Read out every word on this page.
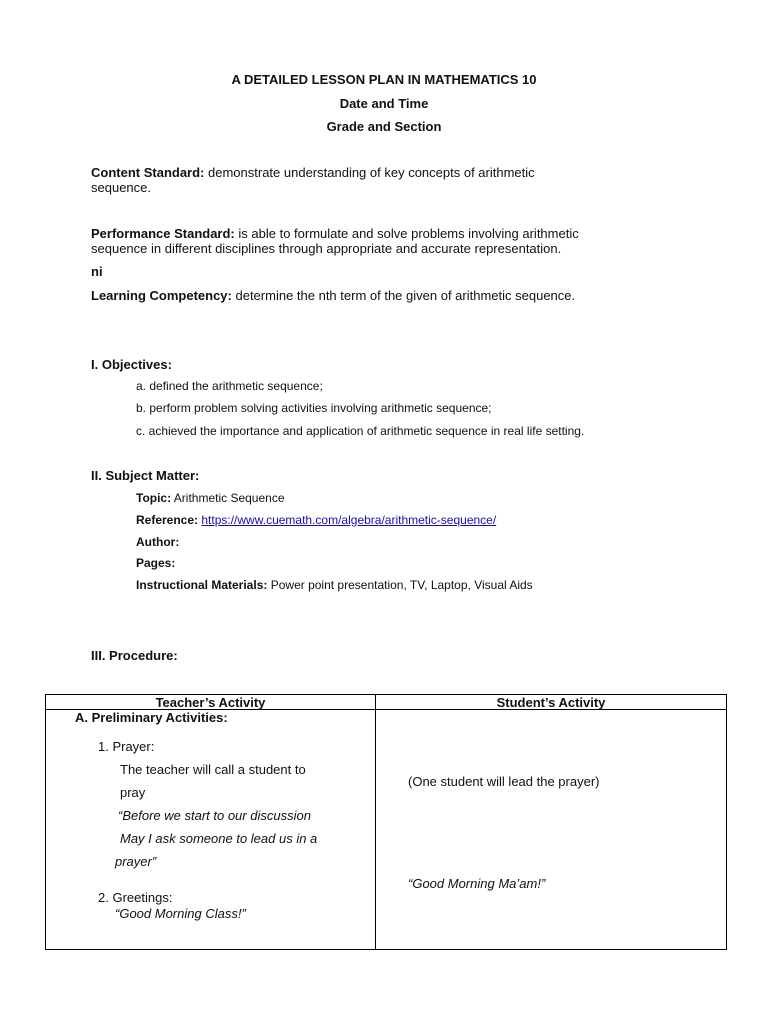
A DETAILED LESSON PLAN IN MATHEMATICS 10
Date and Time
Grade and Section
Content Standard: demonstrate understanding of key concepts of arithmetic
sequence.
Performance Standard: is able to formulate and solve problems involving arithmetic
sequence in different disciplines through appropriate and accurate representation.
ni
Learning Competency: determine the nth term of the given of arithmetic sequence.
I. Objectives:
a. defined the arithmetic sequence;
b. perform problem solving activities involving arithmetic sequence;
c. achieved the importance and application of arithmetic sequence in real life setting.
II. Subject Matter:
Topic: Arithmetic Sequence
Reference: https://www.cuemath.com/algebra/arithmetic-sequence/
Author:
Pages:
Instructional Materials: Power point presentation, TV, Laptop, Visual Aids
III. Procedure:
Teacher’s Activity	Student’s Activity
A. Preliminary Activities:
1. Prayer:
The teacher will call a student to
pray
“Before we start to our discussion
May I ask someone to lead us in a
prayer”
2. Greetings:
“Good Morning Class!”
(One student will lead the prayer)
“Good Morning Ma’am!”
